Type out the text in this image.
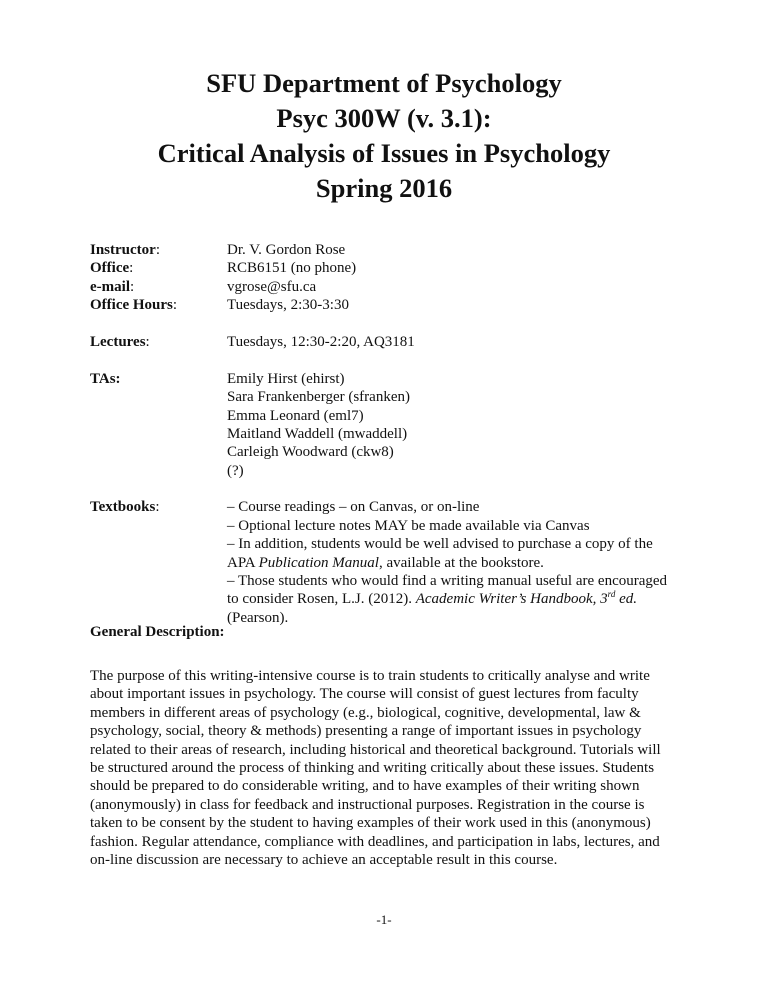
SFU Department of Psychology

Psyc 300W (v. 3.1):

Critical Analysis of Issues in Psychology

Spring 2016

Instructor:	Dr. V. Gordon Rose
Office:	RCB6151 (no phone)
e-mail:	vgrose@sfu.ca
Office Hours:	Tuesdays, 2:30-3:30
Lectures:	Tuesdays, 12:30-2:20, AQ3181
TAs:	Emily Hirst (ehirst)
Sara Frankenberger (sfranken)
Emma Leonard (eml7)
Maitland Waddell (mwaddell)
Carleigh Woodward (ckw8)
(?)
Textbooks:	– Course readings – on Canvas, or on-line
– Optional lecture notes MAY be made available via Canvas
– In addition, students would be well advised to purchase a copy of the
APA Publication Manual, available at the bookstore.
– Those students who would find a writing manual useful are encouraged
to consider Rosen, L.J. (2012). Academic Writer’s Handbook, 3rd ed.
(Pearson).
General Description:
The purpose of this writing-intensive course is to train students to critically analyse and write
about important issues in psychology. The course will consist of guest lectures from faculty
members in different areas of psychology (e.g., biological, cognitive, developmental, law &
psychology, social, theory & methods) presenting a range of important issues in psychology
related to their areas of research, including historical and theoretical background. Tutorials will
be structured around the process of thinking and writing critically about these issues. Students
should be prepared to do considerable writing, and to have examples of their writing shown
(anonymously) in class for feedback and instructional purposes. Registration in the course is
taken to be consent by the student to having examples of their work used in this (anonymous)
fashion. Regular attendance, compliance with deadlines, and participation in labs, lectures, and
on-line discussion are necessary to achieve an acceptable result in this course.
-1-
